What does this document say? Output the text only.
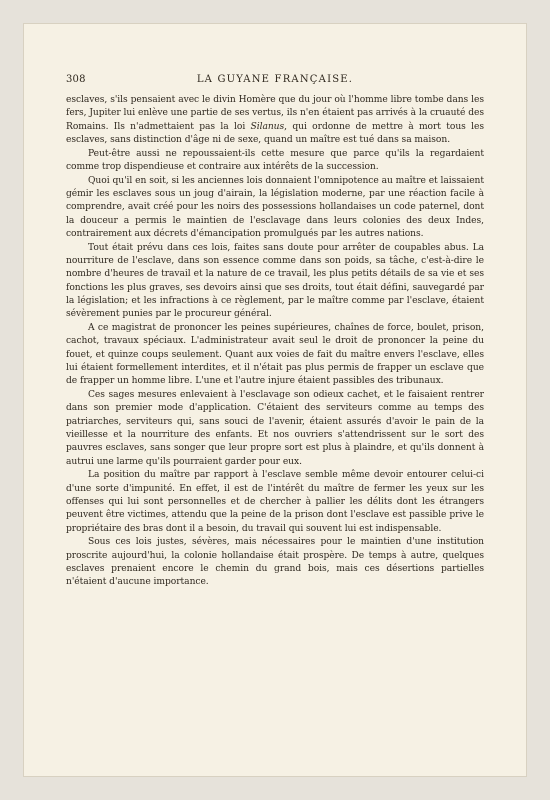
308	LA GUYANE FRANÇAISE.

esclaves, s'ils pensaient avec le divin Homère que du jour où l'homme libre tombe dans les fers, Jupiter lui enlève une partie de ses vertus, ils n'en étaient pas arrivés à la cruauté des Romains. Ils n'admettaient pas la loi Silanus, qui ordonne de mettre à mort tous les esclaves, sans distinction d'âge ni de sexe, quand un maître est tué dans sa maison.

Peut-être aussi ne repoussaient-ils cette mesure que parce qu'ils la regardaient comme trop dispendieuse et contraire aux intérêts de la succession.

Quoi qu'il en soit, si les anciennes lois donnaient l'omnipotence au maître et laissaient gémir les esclaves sous un joug d'airain, la législation moderne, par une réaction facile à comprendre, avait créé pour les noirs des possessions hollandaises un code paternel, dont la douceur a permis le maintien de l'esclavage dans leurs colonies des deux Indes, contrairement aux décrets d'émancipation promulgués par les autres nations.

Tout était prévu dans ces lois, faites sans doute pour arrêter de coupables abus. La nourriture de l'esclave, dans son essence comme dans son poids, sa tâche, c'est-à-dire le nombre d'heures de travail et la nature de ce travail, les plus petits détails de sa vie et ses fonctions les plus graves, ses devoirs ainsi que ses droits, tout était défini, sauvegardé par la législation; et les infractions à ce règlement, par le maître comme par l'esclave, étaient sévèrement punies par le procureur général.

A ce magistrat de prononcer les peines supérieures, chaînes de force, boulet, prison, cachot, travaux spéciaux. L'administrateur avait seul le droit de prononcer la peine du fouet, et quinze coups seulement. Quant aux voies de fait du maître envers l'esclave, elles lui étaient formellement interdites, et il n'était pas plus permis de frapper un esclave que de frapper un homme libre. L'une et l'autre injure étaient passibles des tribunaux.

Ces sages mesures enlevaient à l'esclavage son odieux cachet, et le faisaient rentrer dans son premier mode d'application. C'étaient des serviteurs comme au temps des patriarches, serviteurs qui, sans souci de l'avenir, étaient assurés d'avoir le pain de la vieillesse et la nourriture des enfants. Et nos ouvriers s'attendrissent sur le sort des pauvres esclaves, sans songer que leur propre sort est plus à plaindre, et qu'ils donnent à autrui une larme qu'ils pourraient garder pour eux.

La position du maître par rapport à l'esclave semble même devoir entourer celui-ci d'une sorte d'impunité. En effet, il est de l'intérêt du maître de fermer les yeux sur les offenses qui lui sont personnelles et de chercher à pallier les délits dont les étrangers peuvent être victimes, attendu que la peine de la prison dont l'esclave est passible prive le propriétaire des bras dont il a besoin, du travail qui souvent lui est indispensable.

Sous ces lois justes, sévères, mais nécessaires pour le maintien d'une institution proscrite aujourd'hui, la colonie hollandaise était prospère. De temps à autre, quelques esclaves prenaient encore le chemin du grand bois, mais ces désertions partielles n'étaient d'aucune importance.
